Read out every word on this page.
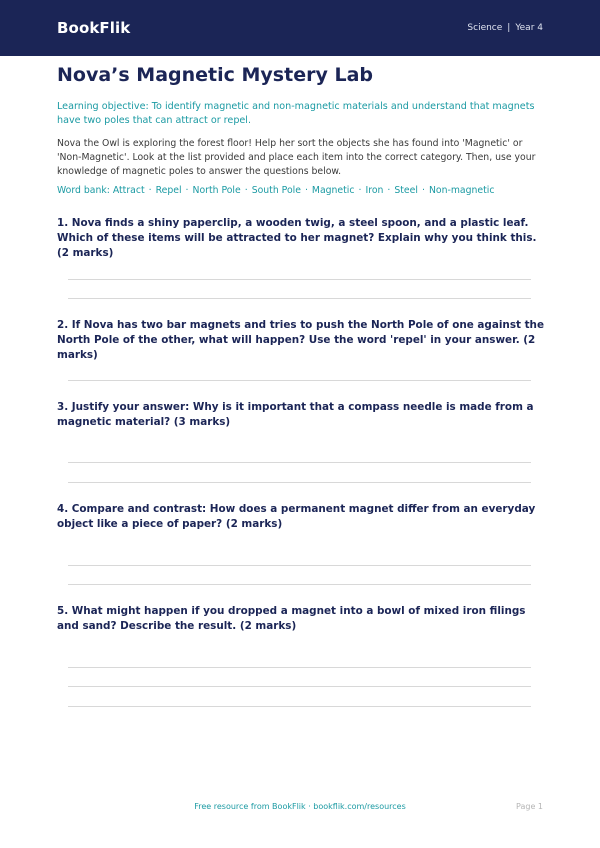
BookFlik	Science | Year 4
Nova’s Magnetic Mystery Lab
Learning objective: To identify magnetic and non-magnetic materials and understand that magnets have two poles that can attract or repel.
Nova the Owl is exploring the forest floor! Help her sort the objects she has found into 'Magnetic' or 'Non-Magnetic'. Look at the list provided and place each item into the correct category. Then, use your knowledge of magnetic poles to answer the questions below.
Word bank: Attract · Repel · North Pole · South Pole · Magnetic · Iron · Steel · Non-magnetic
1. Nova finds a shiny paperclip, a wooden twig, a steel spoon, and a plastic leaf. Which of these items will be attracted to her magnet? Explain why you think this. (2 marks)
2. If Nova has two bar magnets and tries to push the North Pole of one against the North Pole of the other, what will happen? Use the word 'repel' in your answer. (2 marks)
3. Justify your answer: Why is it important that a compass needle is made from a magnetic material? (3 marks)
4. Compare and contrast: How does a permanent magnet differ from an everyday object like a piece of paper? (2 marks)
5. What might happen if you dropped a magnet into a bowl of mixed iron filings and sand? Describe the result. (2 marks)
Free resource from BookFlik · bookflik.com/resources	Page 1
